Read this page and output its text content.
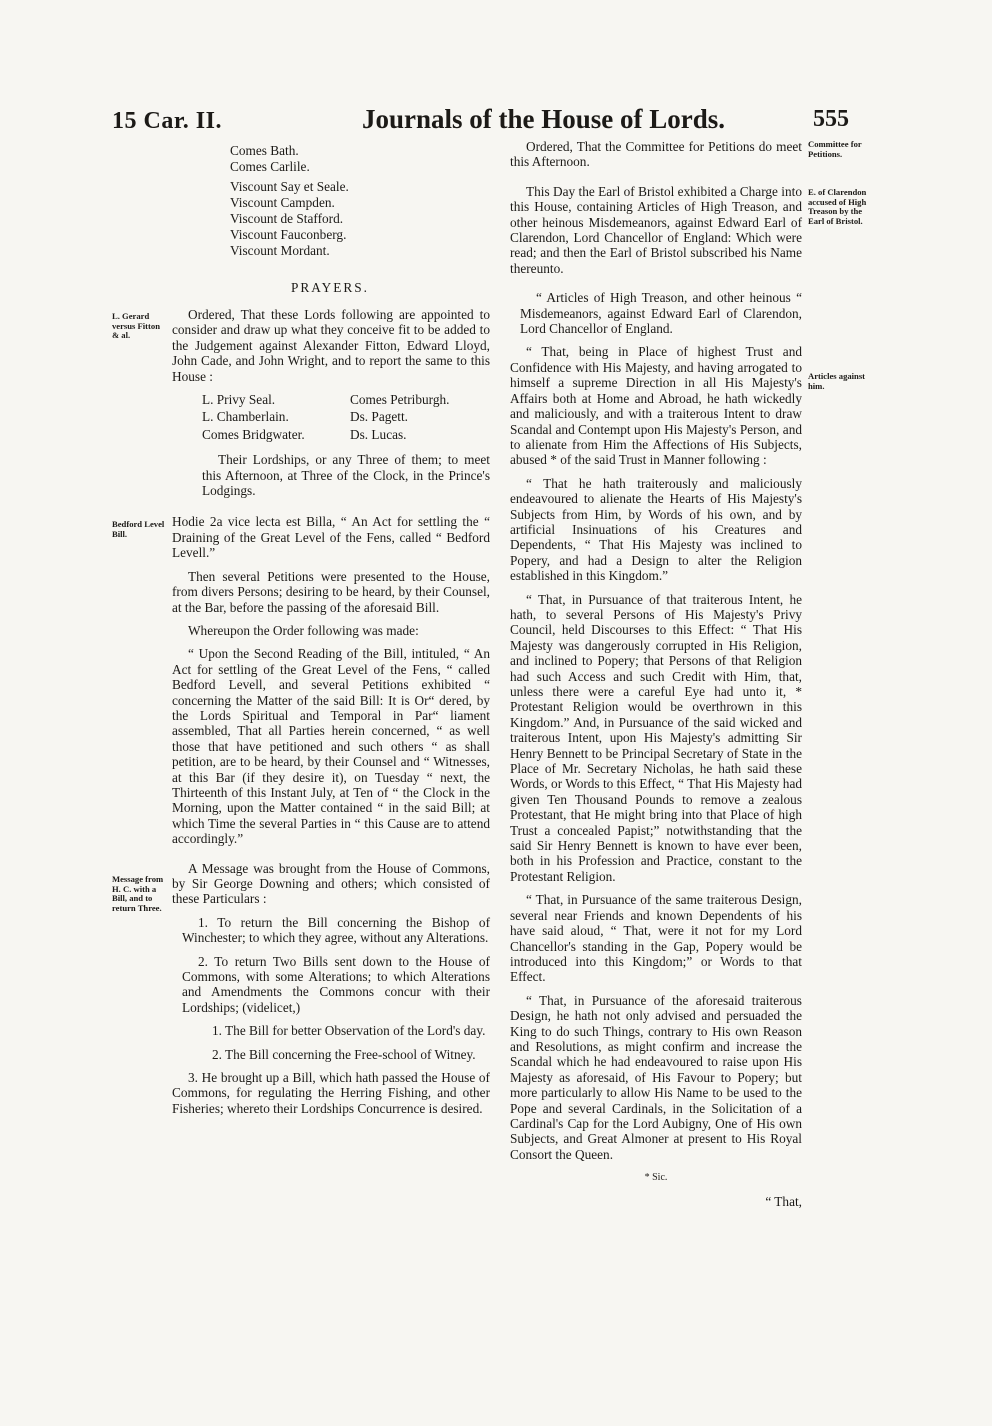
15 Car. II.	Journals of the House of Lords.	555
Comes Bath.
Comes Carlile.
Viscount Say et Seale.
Viscount Campden.
Viscount de Stafford.
Viscount Fauconberg.
Viscount Mordant.
PRAYERS.
L. Gerard versus Fitton & al.

Ordered, That these Lords following are appointed to consider and draw up what they conceive fit to be added to the Judgement against Alexander Fitton, Edward Lloyd, John Cade, and John Wright, and to report the same to this House :

L. Privy Seal.	Comes Petriburgh.
L. Chamberlain.	Ds. Pagett.
Comes Bridgwater.	Ds. Lucas.

Their Lordships, or any Three of them; to meet this Afternoon, at Three of the Clock, in the Prince's Lodgings.

Hodie 2a vice lecta est Billa, “ An Act for settling the “ Draining of the Great Level of the Fens, called “ Bedford Levell.”

Then several Petitions were presented to the House, from divers Persons; desiring to be heard, by their Counsel, at the Bar, before the passing of the aforesaid Bill.

Whereupon the Order following was made:

“ Upon the Second Reading of the Bill, intituled, “ An Act for settling of the Great Level of the Fens, “ called Bedford Levell, and several Petitions exhibited “ concerning the Matter of the said Bill: It is Or“ dered, by the Lords Spiritual and Temporal in Par“ liament assembled, That all Parties herein concerned, “ as well those that have petitioned and such others “ as shall petition, are to be heard, by their Counsel and “ Witnesses, at this Bar (if they desire it), on Tuesday “ next, the Thirteenth of this Instant July, at Ten of “ the Clock in the Morning, upon the Matter contained “ in the said Bill; at which Time the several Parties in “ this Cause are to attend accordingly.”

A Message was brought from the House of Commons, by Sir George Downing and others; which consisted of these Particulars :

1. To return the Bill concerning the Bishop of Winchester; to which they agree, without any Alterations.

2. To return Two Bills sent down to the House of Commons, with some Alterations; to which Alterations and Amendments the Commons concur with their Lordships; (videlicet,)

1. The Bill for better Observation of the Lord's day.

2. The Bill concerning the Free-school of Witney.

3. He brought up a Bill, which hath passed the House of Commons, for regulating the Herring Fishing, and other Fisheries; whereto their Lordships Concurrence is desired.

Bedford Level Bill.
Message from H. C. with a Bill, and to return Three.

Ordered, That the Committee for Petitions do meet this Afternoon.

This Day the Earl of Bristol exhibited a Charge into this House, containing Articles of High Treason, and other heinous Misdemeanors, against Edward Earl of Clarendon, Lord Chancellor of England: Which were read; and then the Earl of Bristol subscribed his Name thereunto.

“ Articles of High Treason, and other heinous “ Misdemeanors, against Edward Earl of Clarendon, Lord Chancellor of England.

“ That, being in Place of highest Trust and Confidence with His Majesty, and having arrogated to himself a supreme Direction in all His Majesty's Affairs both at Home and Abroad, he hath wickedly and maliciously, and with a traiterous Intent to draw Scandal and Contempt upon His Majesty's Person, and to alienate from Him the Affections of His Subjects, abused * of the said Trust in Manner following :

“ That he hath traiterously and maliciously endeavoured to alienate the Hearts of His Majesty's Subjects from Him, by Words of his own, and by artificial Insinuations of his Creatures and Dependents, “ That His Majesty was inclined to Popery, and had a Design to alter the Religion established in this Kingdom.”

“ That, in Pursuance of that traiterous Intent, he hath, to several Persons of His Majesty's Privy Council, held Discourses to this Effect: “ That His Majesty was dangerously corrupted in His Religion, and inclined to Popery; that Persons of that Religion had such Access and such Credit with Him, that, unless there were a careful Eye had unto it, * Protestant Religion would be overthrown in this Kingdom.” And, in Pursuance of the said wicked and traiterous Intent, upon His Majesty's admitting Sir Henry Bennett to be Principal Secretary of State in the Place of Mr. Secretary Nicholas, he hath said these Words, or Words to this Effect, “ That His Majesty had given Ten Thousand Pounds to remove a zealous Protestant, that He might bring into that Place of high Trust a concealed Papist;” notwithstanding that the said Sir Henry Bennett is known to have ever been, both in his Profession and Practice, constant to the Protestant Religion.

“ That, in Pursuance of the same traiterous Design, several near Friends and known Dependents of his have said aloud, “ That, were it not for my Lord Chancellor's standing in the Gap, Popery would be introduced into this Kingdom;” or Words to that Effect.

“ That, in Pursuance of the aforesaid traiterous Design, he hath not only advised and persuaded the King to do such Things, contrary to His own Reason and Resolutions, as might confirm and increase the Scandal which he had endeavoured to raise upon His Majesty as aforesaid, of His Favour to Popery; but more particularly to allow His Name to be used to the Pope and several Cardinals, in the Solicitation of a Cardinal's Cap for the Lord Aubigny, One of His own Subjects, and Great Almoner at present to His Royal Consort the Queen.

* Sic.

“ That,

Committee for Petitions.
E. of Clarendon accused of High Treason by the Earl of Bristol.
Articles against him.
